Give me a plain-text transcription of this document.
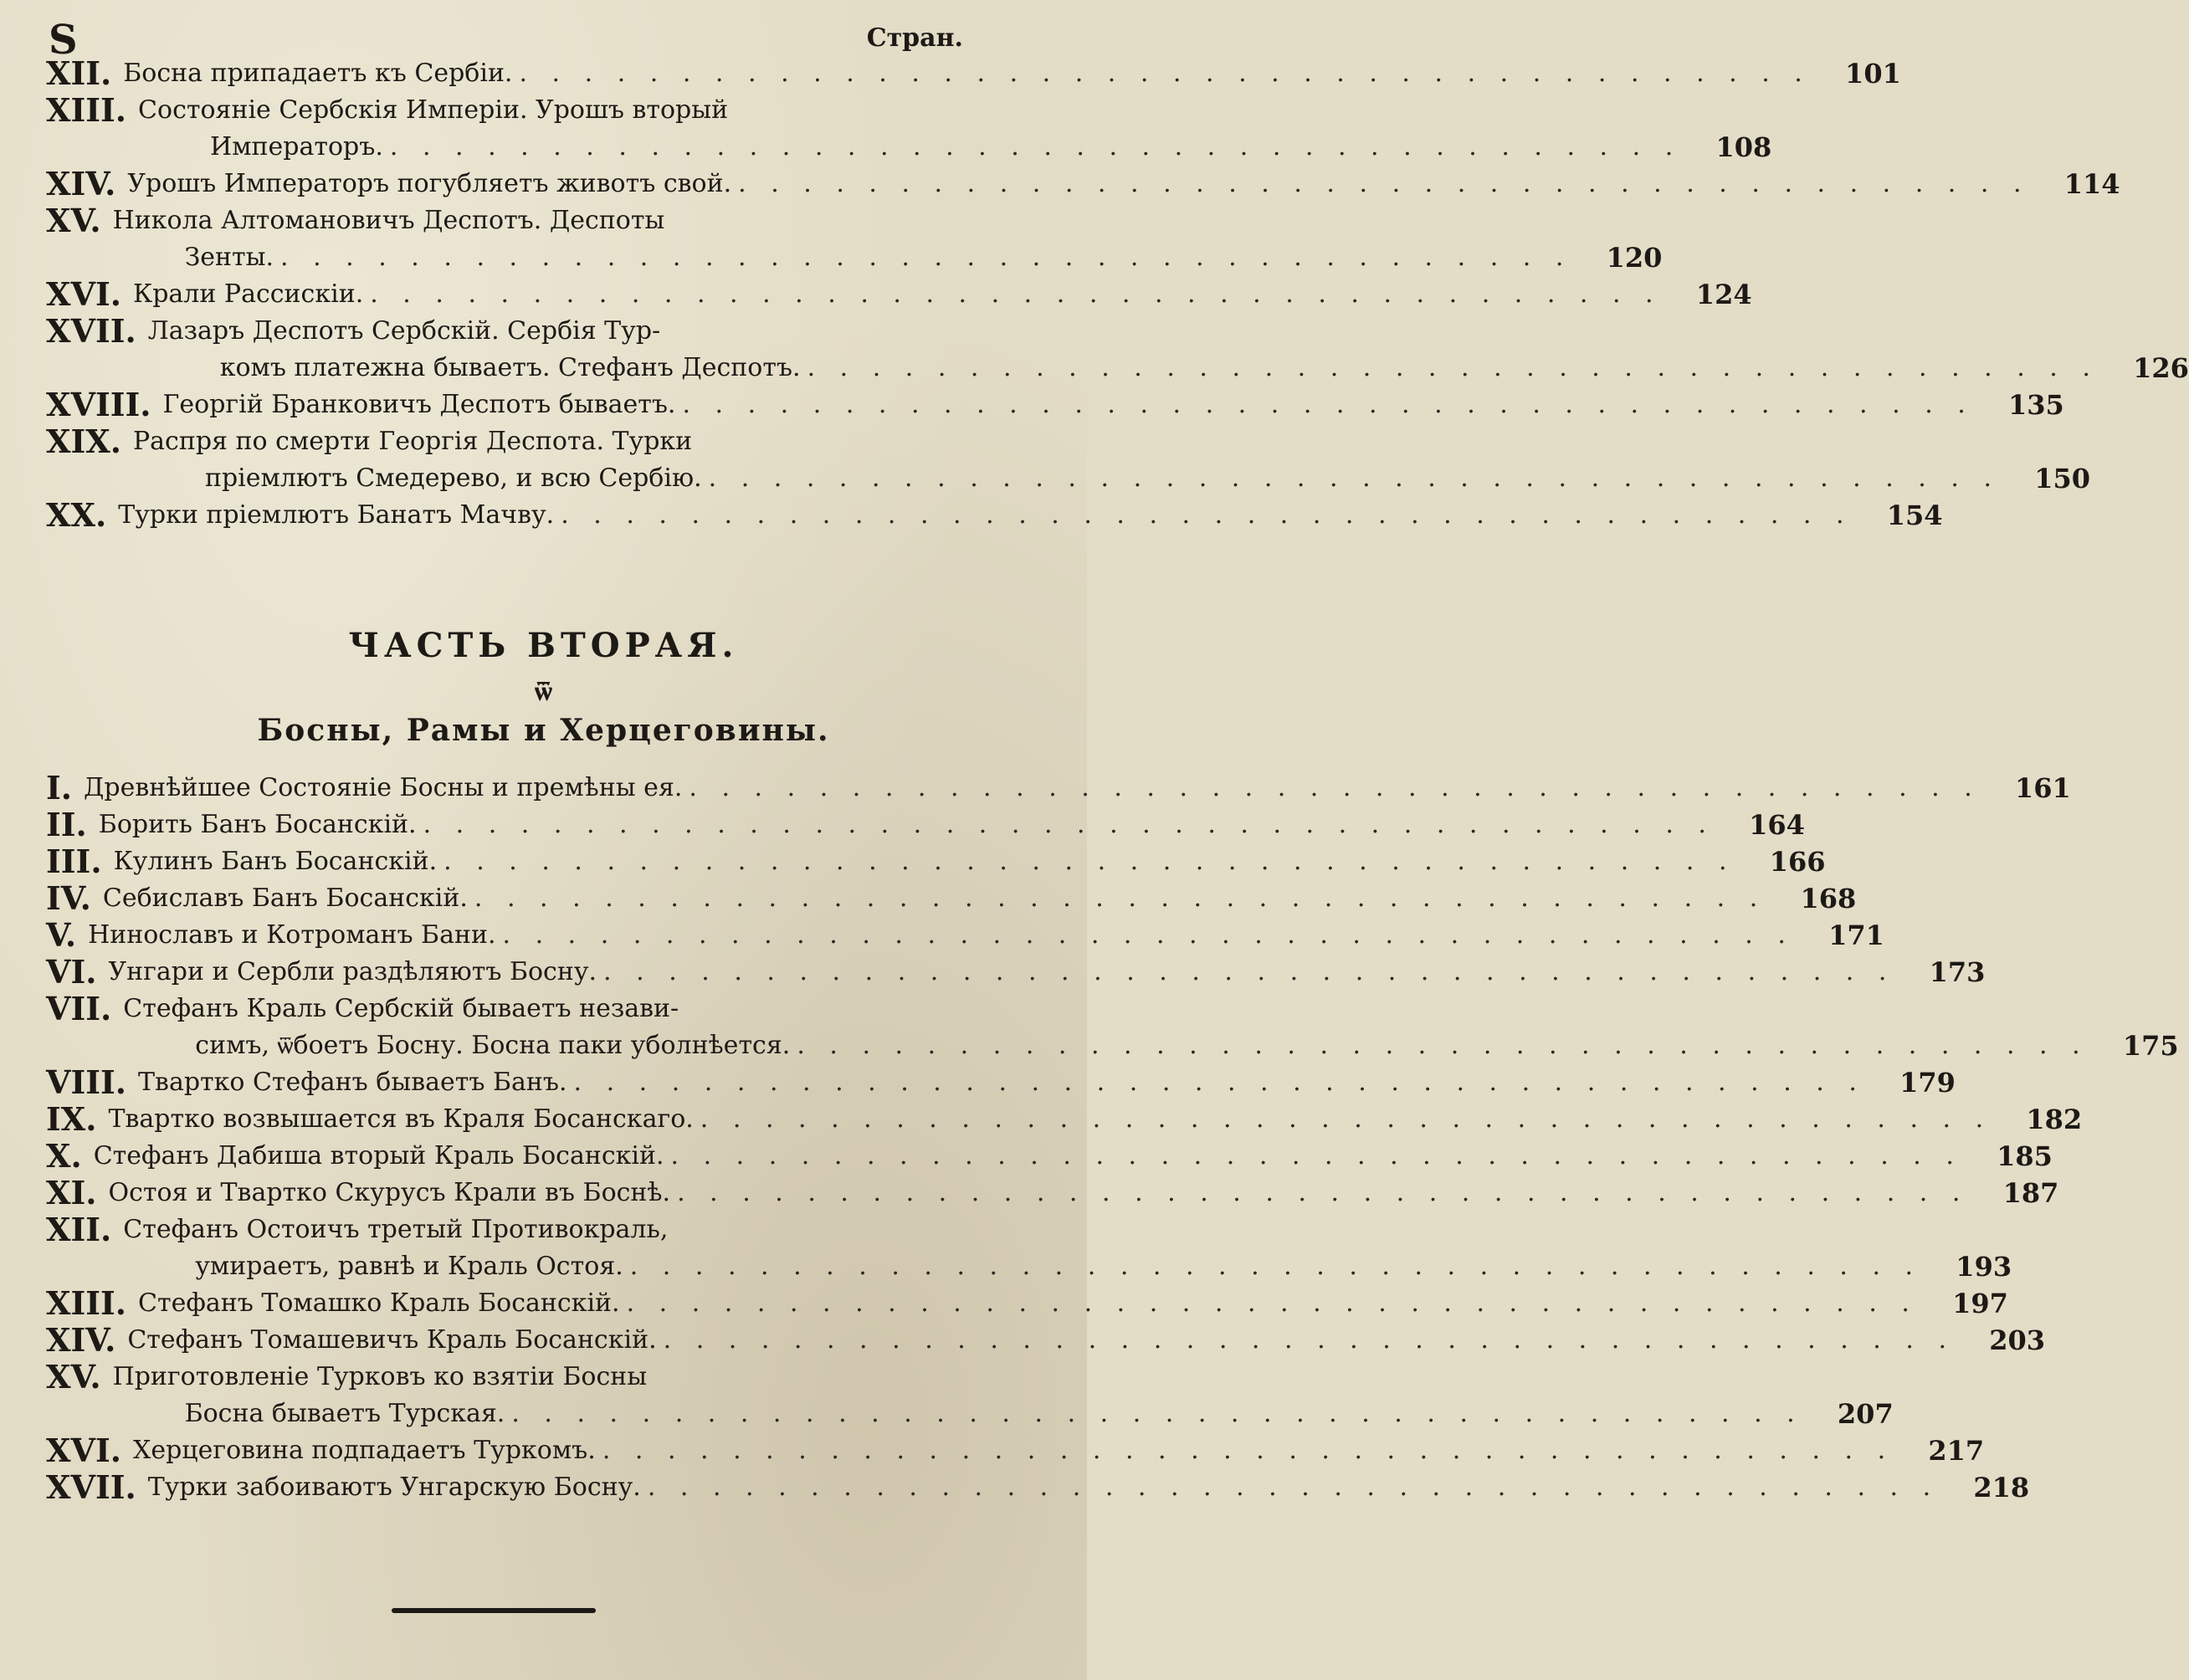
Ѕ	Стран.
XII. Босна припадаетъ къ Сербіи. . . .	101
XIII. Состояніе Сербскія Имперіи. Урошъ вторый
Императоръ. . . .	108
XIV. Урошъ Императоръ погубляетъ животъ свой. . . .	114
XV. Никола Алтомановичъ Деспотъ. Деспоты
Зенты. . . .	120
XVI. Крали Рассискіи. . . .	124
XVII. Лазаръ Деспотъ Сербскій. Сербія Тур-
комъ платежна бываетъ. Стефанъ Деспотъ. . . .	126
XVIII. Георгій Бранковичъ Деспотъ бываетъ. . . .	135
XIX. Распря по смерти Георгія Деспота. Турки
пріемлютъ Смедерево, и всю Сербію. . . .	150
XX. Турки пріемлютъ Банатъ Мачву. . . .	154
ЧАСТЬ ВТОРАЯ.
ѿ
Босны, Рамы и Херцеговины.
I. Древнѣйшее Состояніе Босны и премѣны ея. . . .	161
II. Борить Банъ Босанскій. . . .	164
III. Кулинъ Банъ Босанскій. . . .	166
IV. Себиславъ Банъ Босанскій. . . .	168
V. Нинославъ и Котроманъ Бани. . . .	171
VI. Унгари и Сербли раздѣляютъ Босну. . . .	173
VII. Стефанъ Краль Сербскій бываетъ незави-
симъ, ѿбоетъ Босну. Босна паки уболнѣется. . . .	175
VIII. Твартко Стефанъ бываетъ Банъ. . . .	179
IX. Твартко возвышается въ Краля Босанскаго. . . .	182
X. Стефанъ Дабиша вторый Краль Босанскій. . . .	185
XI. Остоя и Твартко Скурусъ Крали въ Боснѣ. . . .	187
XII. Стефанъ Остоичъ третый Противокраль,
умираетъ, равнѣ и Краль Остоя. . . .	193
XIII. Стефанъ Томашко Краль Босанскій. . . .	197
XIV. Стефанъ Томашевичъ Краль Босанскій. . . .	203
XV. Приготовленіе Турковъ ко взятіи Босны
Босна бываетъ Турская. . . .	207
XVI. Херцеговина подпадаетъ Туркомъ. . . .	217
XVII. Турки забоиваютъ Унгарскую Босну. . . .	218
